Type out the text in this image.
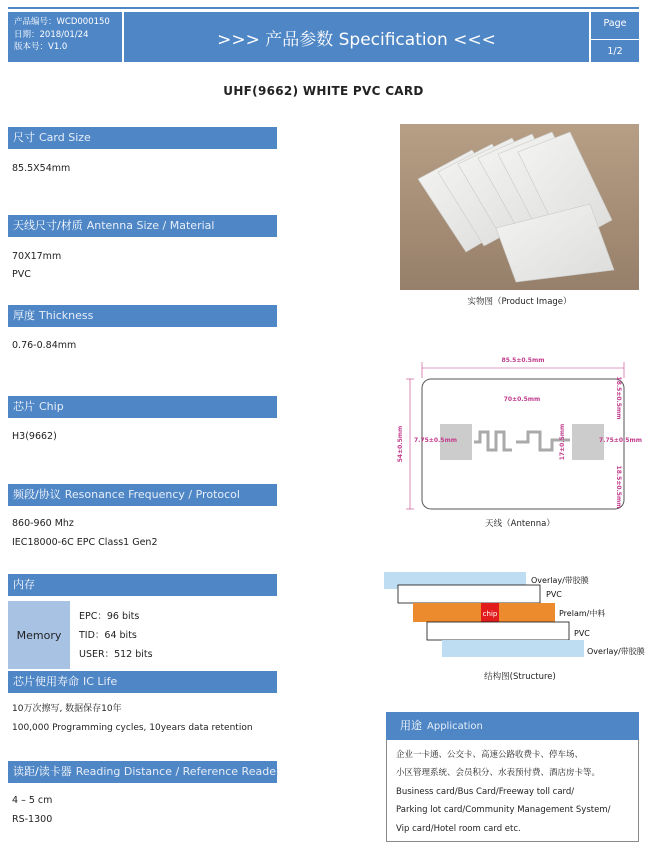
产品编号：WCD000150
日期：2018/01/24
版本号：V1.0	>>> 产品参数 Specification <<<
Page
1/2
UHF(9662) WHITE PVC CARD
尺寸 Card Size
85.5X54mm
天线尺寸/材质 Antenna Size / Material
70X17mm
PVC
厚度 Thickness
0.76-0.84mm
芯片 Chip
H3(9662)
频段/协议 Resonance Frequency / Protocol
860-960 Mhz
IEC18000-6C EPC Class1 Gen2
内存
Memory
EPC：96 bits
TID：64 bits
USER：512 bits
芯片使用寿命 IC Life
10万次擦写, 数据保存10年
100,000 Programming cycles, 10years data retention
读距/读卡器 Reading Distance / Reference Reader
4 – 5 cm
RS-1300
实物图（Product Image）
85.5±0.5mm
70±0.5mm
7.75±0.5mm	7.75±0.5mm
54±0.5mm
18.5±0.5mm
18.5±0.5mm
17±0.5mm
天线（Antenna）
Overlay/带胶膜
PVC
Prelam/中料
PVC
Overlay/带胶膜
chip
结构图(Structure)
用途 Application
企业一卡通、公交卡、高速公路收费卡、停车场、
小区管理系统、会员积分、水表预付费、酒店房卡等。
Business card/Bus Card/Freeway toll card/
Parking lot card/Community Management System/
Vip card/Hotel room card etc.
